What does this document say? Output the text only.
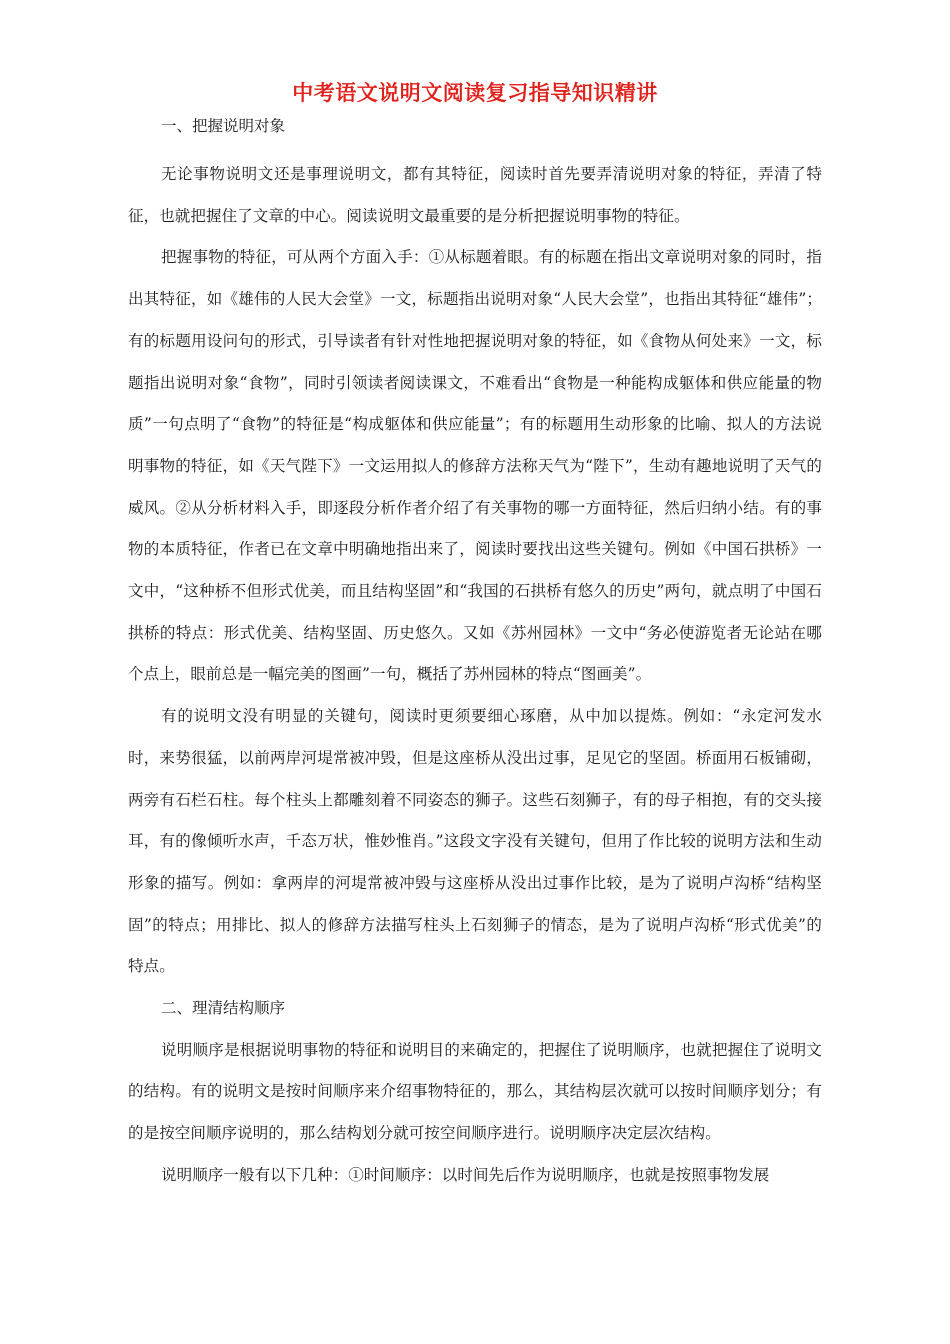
中考语文说明文阅读复习指导知识精讲
一、把握说明对象

无论事物说明文还是事理说明文，都有其特征，阅读时首先要弄清说明对象的特征，弄清了特征，也就把握住了文章的中心。阅读说明文最重要的是分析把握说明事物的特征。

把握事物的特征，可从两个方面入手：①从标题着眼。有的标题在指出文章说明对象的同时，指出其特征，如《雄伟的人民大会堂》一文，标题指出说明对象“人民大会堂”，也指出其特征“雄伟”；有的标题用设问句的形式，引导读者有针对性地把握说明对象的特征，如《食物从何处来》一文，标题指出说明对象“食物”，同时引领读者阅读课文，不难看出“食物是一种能构成躯体和供应能量的物质”一句点明了“食物”的特征是“构成躯体和供应能量”；有的标题用生动形象的比喻、拟人的方法说明事物的特征，如《天气陛下》一文运用拟人的修辞方法称天气为“陛下”，生动有趣地说明了天气的威风。②从分析材料入手，即逐段分析作者介绍了有关事物的哪一方面特征，然后归纳小结。有的事物的本质特征，作者已在文章中明确地指出来了，阅读时要找出这些关键句。例如《中国石拱桥》一文中，“这种桥不但形式优美，而且结构坚固”和“我国的石拱桥有悠久的历史”两句，就点明了中国石拱桥的特点：形式优美、结构坚固、历史悠久。又如《苏州园林》一文中“务必使游览者无论站在哪个点上，眼前总是一幅完美的图画”一句，概括了苏州园林的特点“图画美”。

有的说明文没有明显的关键句，阅读时更须要细心琢磨，从中加以提炼。例如：“永定河发水时，来势很猛，以前两岸河堤常被冲毁，但是这座桥从没出过事，足见它的坚固。桥面用石板铺砌，两旁有石栏石柱。每个柱头上都雕刻着不同姿态的狮子。这些石刻狮子，有的母子相抱，有的交头接耳，有的像倾听水声，千态万状，惟妙惟肖。”这段文字没有关键句，但用了作比较的说明方法和生动形象的描写。例如：拿两岸的河堤常被冲毁与这座桥从没出过事作比较，是为了说明卢沟桥“结构坚固”的特点；用排比、拟人的修辞方法描写柱头上石刻狮子的情态，是为了说明卢沟桥“形式优美”的特点。

二、理清结构顺序

说明顺序是根据说明事物的特征和说明目的来确定的，把握住了说明顺序，也就把握住了说明文的结构。有的说明文是按时间顺序来介绍事物特征的，那么，其结构层次就可以按时间顺序划分；有的是按空间顺序说明的，那么结构划分就可按空间顺序进行。说明顺序决定层次结构。

说明顺序一般有以下几种：①时间顺序：以时间先后作为说明顺序，也就是按照事物发展
